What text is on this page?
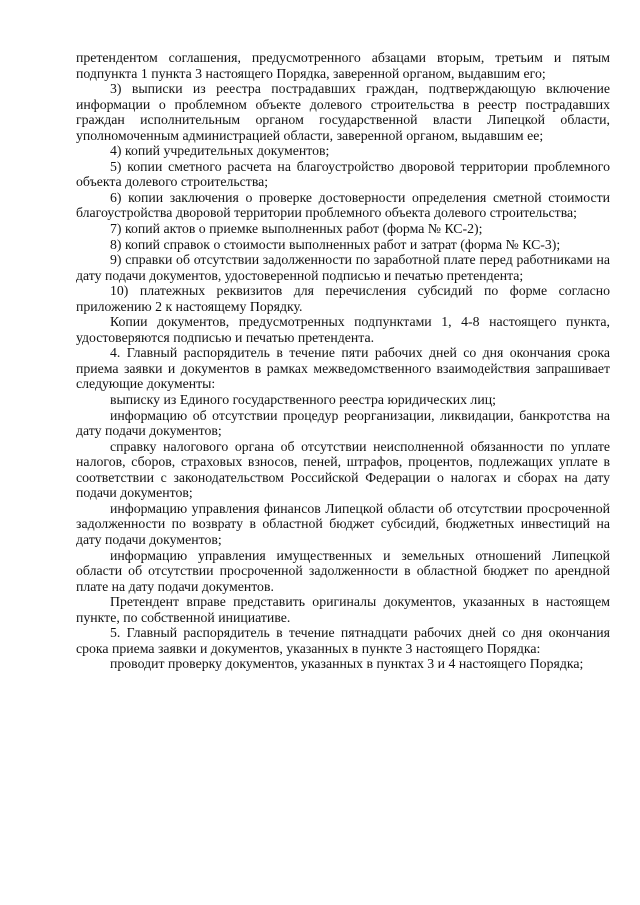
претендентом соглашения, предусмотренного абзацами вторым, третьим и пятым подпункта 1 пункта 3 настоящего Порядка, заверенной органом, выдавшим его;

3) выписки из реестра пострадавших граждан, подтверждающую включение информации о проблемном объекте долевого строительства в реестр пострадавших граждан исполнительным органом государственной власти Липецкой области, уполномоченным администрацией области, заверенной органом, выдавшим ее;

4) копий учредительных документов;

5) копии сметного расчета на благоустройство дворовой территории проблемного объекта долевого строительства;

6) копии заключения о проверке достоверности определения сметной стоимости благоустройства дворовой территории проблемного объекта долевого строительства;

7) копий актов о приемке выполненных работ (форма № КС-2);

8) копий справок о стоимости выполненных работ и затрат (форма № КС-3);

9) справки об отсутствии задолженности по заработной плате перед работниками на дату подачи документов, удостоверенной подписью и печатью претендента;

10) платежных реквизитов для перечисления субсидий по форме согласно приложению 2 к настоящему Порядку.

Копии документов, предусмотренных подпунктами 1, 4-8 настоящего пункта, удостоверяются подписью и печатью претендента.

4. Главный распорядитель в течение пяти рабочих дней со дня окончания срока приема заявки и документов в рамках межведомственного взаимодействия запрашивает следующие документы:

выписку из Единого государственного реестра юридических лиц;

информацию об отсутствии процедур реорганизации, ликвидации, банкротства на дату подачи документов;

справку налогового органа об отсутствии неисполненной обязанности по уплате налогов, сборов, страховых взносов, пеней, штрафов, процентов, подлежащих уплате в соответствии с законодательством Российской Федерации о налогах и сборах на дату подачи документов;

информацию управления финансов Липецкой области об отсутствии просроченной задолженности по возврату в областной бюджет субсидий, бюджетных инвестиций на дату подачи документов;

информацию управления имущественных и земельных отношений Липецкой области об отсутствии просроченной задолженности в областной бюджет по арендной плате на дату подачи документов.

Претендент вправе представить оригиналы документов, указанных в настоящем пункте, по собственной инициативе.

5. Главный распорядитель в течение пятнадцати рабочих дней со дня окончания срока приема заявки и документов, указанных в пункте 3 настоящего Порядка:

проводит проверку документов, указанных в пунктах 3 и 4 настоящего Порядка;
